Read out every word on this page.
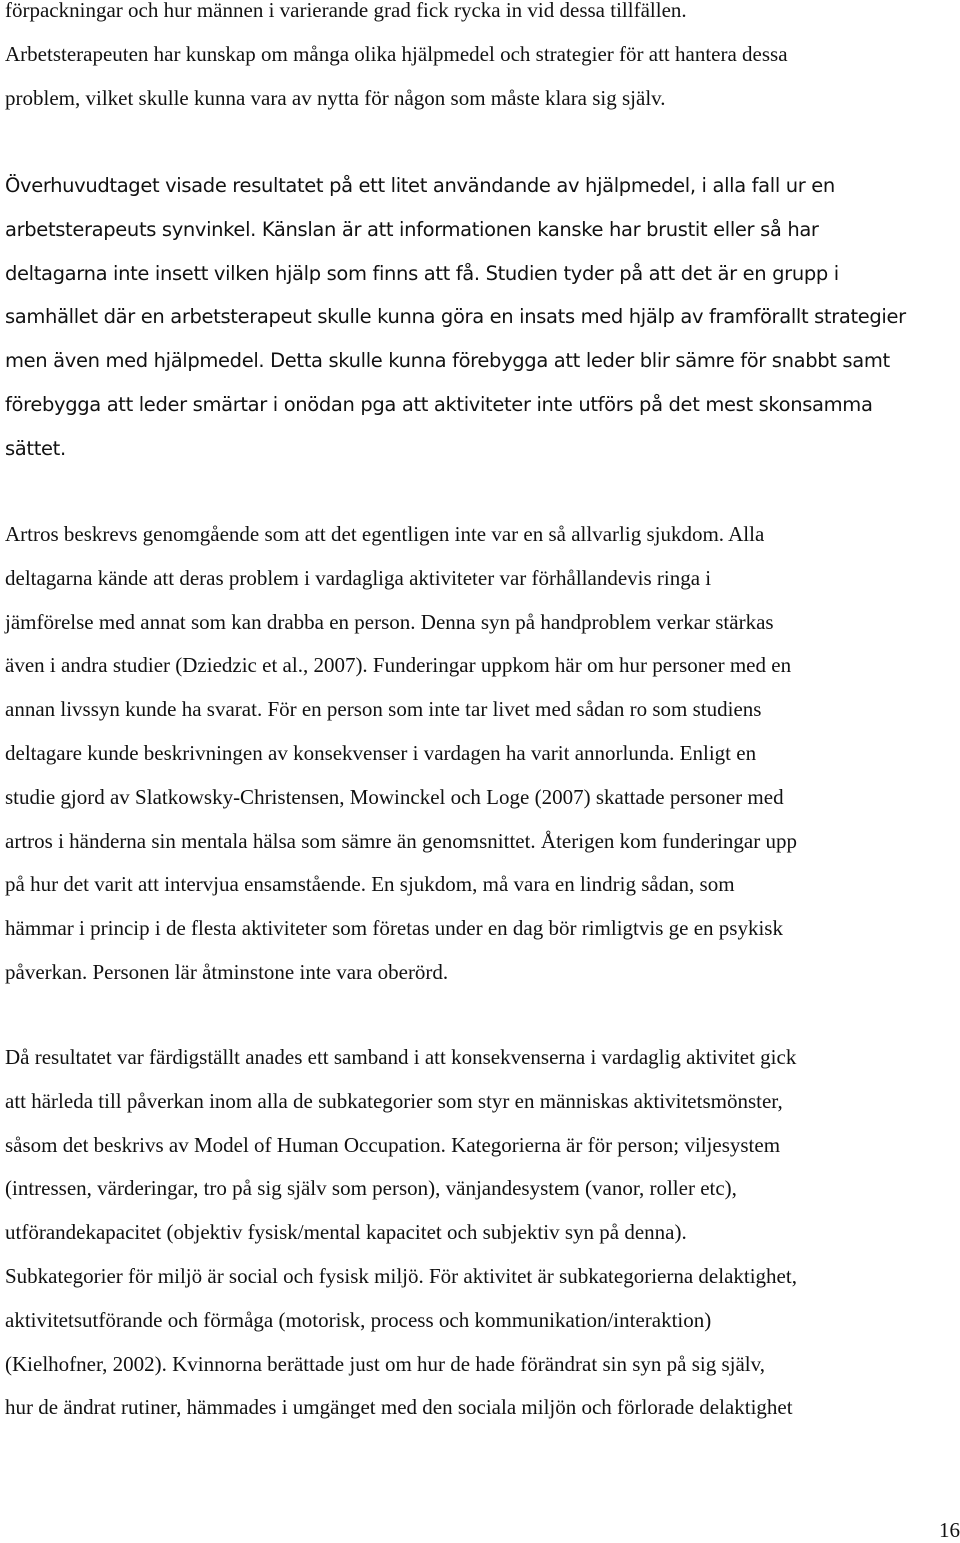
förpackningar och hur männen i varierande grad fick rycka in vid dessa tillfällen.
Arbetsterapeuten har kunskap om många olika hjälpmedel och strategier för att hantera dessa
problem, vilket skulle kunna vara av nytta för någon som måste klara sig själv.

Överhuvudtaget visade resultatet på ett litet användande av hjälpmedel, i alla fall ur en
arbetsterapeuts synvinkel. Känslan är att informationen kanske har brustit eller så har
deltagarna inte insett vilken hjälp som finns att få. Studien tyder på att det är en grupp i
samhället där en arbetsterapeut skulle kunna göra en insats med hjälp av framförallt strategier
men även med hjälpmedel. Detta skulle kunna förebygga att leder blir sämre för snabbt samt
förebygga att leder smärtar i onödan pga att aktiviteter inte utförs på det mest skonsamma
sättet.

Artros beskrevs genomgående som att det egentligen inte var en så allvarlig sjukdom. Alla
deltagarna kände att deras problem i vardagliga aktiviteter var förhållandevis ringa i
jämförelse med annat som kan drabba en person. Denna syn på handproblem verkar stärkas
även i andra studier (Dziedzic et al., 2007). Funderingar uppkom här om hur personer med en
annan livssyn kunde ha svarat. För en person som inte tar livet med sådan ro som studiens
deltagare kunde beskrivningen av konsekvenser i vardagen ha varit annorlunda. Enligt en
studie gjord av Slatkowsky-Christensen, Mowinckel och Loge (2007) skattade personer med
artros i händerna sin mentala hälsa som sämre än genomsnittet. Återigen kom funderingar upp
på hur det varit att intervjua ensamstående. En sjukdom, må vara en lindrig sådan, som
hämmar i princip i de flesta aktiviteter som företas under en dag bör rimligtvis ge en psykisk
påverkan. Personen lär åtminstone inte vara oberörd.

Då resultatet var färdigställt anades ett samband i att konsekvenserna i vardaglig aktivitet gick
att härleda till påverkan inom alla de subkategorier som styr en människas aktivitetsmönster,
såsom det beskrivs av Model of Human Occupation. Kategorierna är för person; viljesystem
(intressen, värderingar, tro på sig själv som person), vänjandesystem (vanor, roller etc),
utförandekapacitet (objektiv fysisk/mental kapacitet och subjektiv syn på denna).
Subkategorier för miljö är social och fysisk miljö. För aktivitet är subkategorierna delaktighet,
aktivitetsutförande och förmåga (motorisk, process och kommunikation/interaktion)
(Kielhofner, 2002). Kvinnorna berättade just om hur de hade förändrat sin syn på sig själv,
hur de ändrat rutiner, hämmades i umgänget med den sociala miljön och förlorade delaktighet

16
